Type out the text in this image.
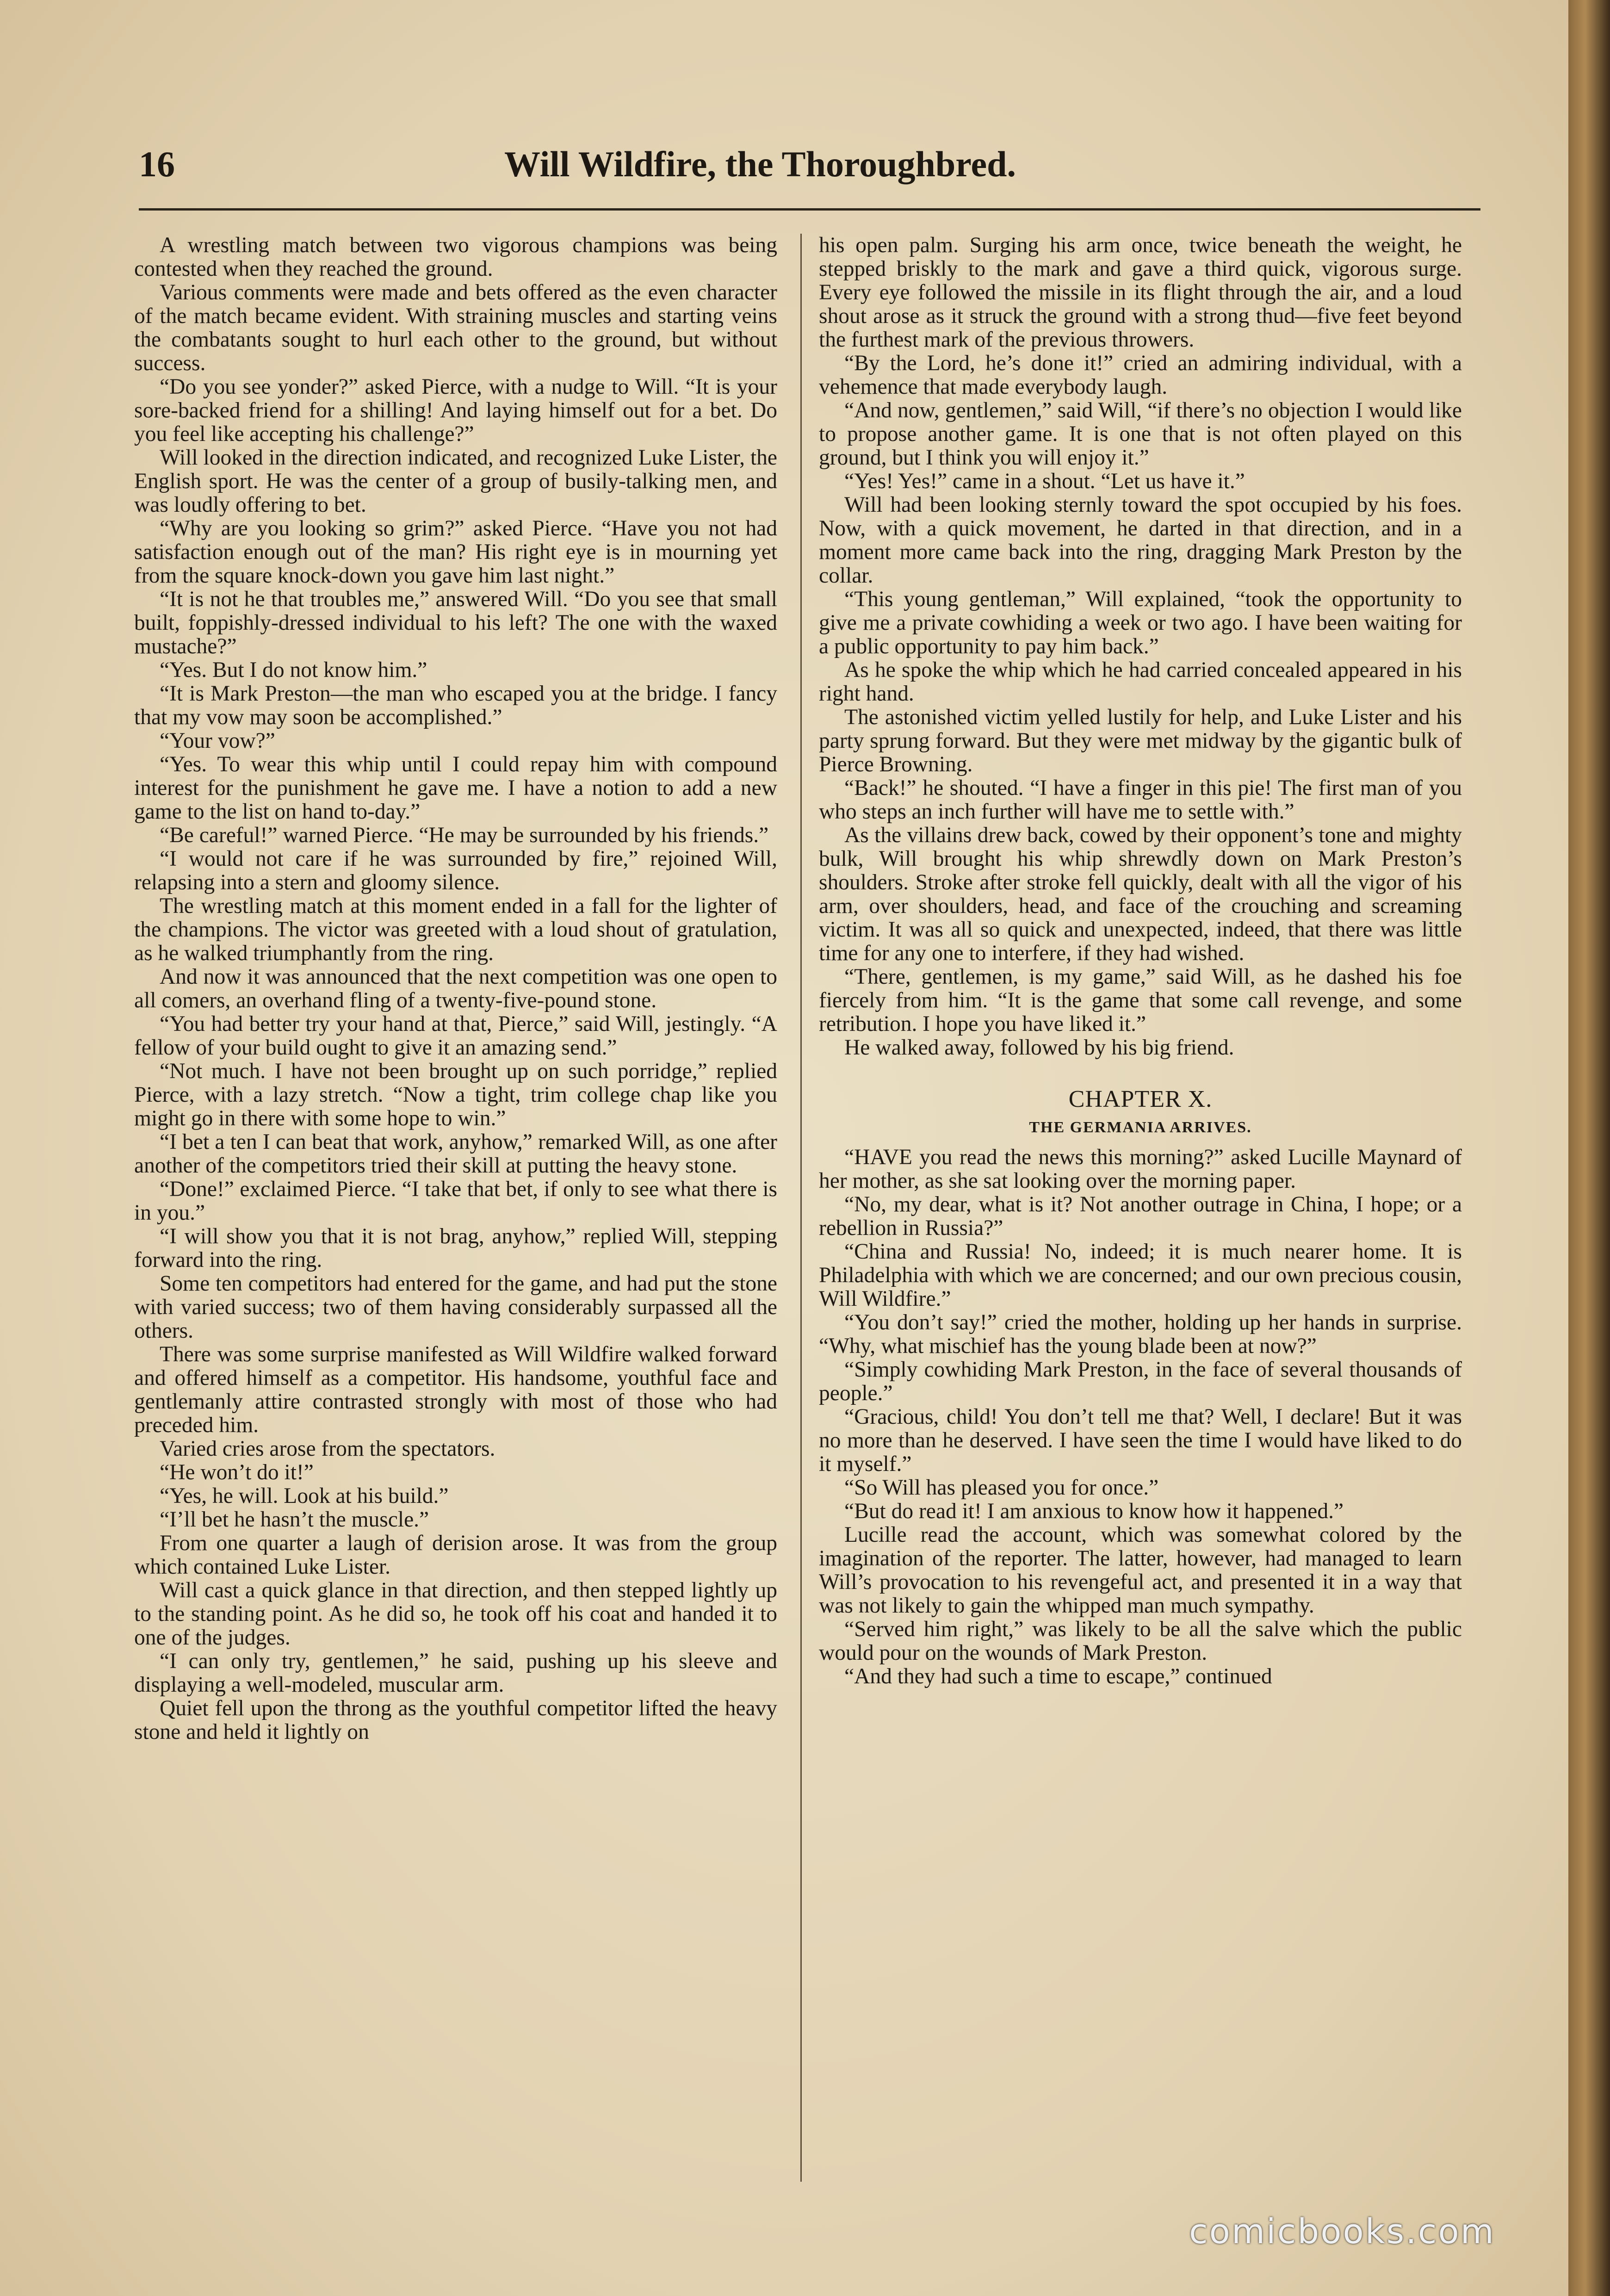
16	Will Wildfire, the Thoroughbred.

A wrestling match between two vigorous champions was being contested when they reached the ground.

Various comments were made and bets offered as the even character of the match became evident. With straining muscles and starting veins the combatants sought to hurl each other to the ground, but without success.

“Do you see yonder?” asked Pierce, with a nudge to Will. “It is your sore-backed friend for a shilling! And laying himself out for a bet. Do you feel like accepting his challenge?”

Will looked in the direction indicated, and recognized Luke Lister, the English sport. He was the center of a group of busily-talking men, and was loudly offering to bet.

“Why are you looking so grim?” asked Pierce. “Have you not had satisfaction enough out of the man? His right eye is in mourning yet from the square knock-down you gave him last night.”

“It is not he that troubles me,” answered Will. “Do you see that small built, foppishly-dressed individual to his left? The one with the waxed mustache?”

“Yes. But I do not know him.”

“It is Mark Preston—the man who escaped you at the bridge. I fancy that my vow may soon be accomplished.”

“Your vow?”

“Yes. To wear this whip until I could repay him with compound interest for the punishment he gave me. I have a notion to add a new game to the list on hand to-day.”

“Be careful!” warned Pierce. “He may be surrounded by his friends.”

“I would not care if he was surrounded by fire,” rejoined Will, relapsing into a stern and gloomy silence.

The wrestling match at this moment ended in a fall for the lighter of the champions. The victor was greeted with a loud shout of gratulation, as he walked triumphantly from the ring.

And now it was announced that the next competition was one open to all comers, an overhand fling of a twenty-five-pound stone.

“You had better try your hand at that, Pierce,” said Will, jestingly. “A fellow of your build ought to give it an amazing send.”

“Not much. I have not been brought up on such porridge,” replied Pierce, with a lazy stretch. “Now a tight, trim college chap like you might go in there with some hope to win.”

“I bet a ten I can beat that work, anyhow,” remarked Will, as one after another of the competitors tried their skill at putting the heavy stone.

“Done!” exclaimed Pierce. “I take that bet, if only to see what there is in you.”

“I will show you that it is not brag, anyhow,” replied Will, stepping forward into the ring.

Some ten competitors had entered for the game, and had put the stone with varied success; two of them having considerably surpassed all the others.

There was some surprise manifested as Will Wildfire walked forward and offered himself as a competitor. His handsome, youthful face and gentlemanly attire contrasted strongly with most of those who had preceded him.

Varied cries arose from the spectators.

“He won’t do it!”

“Yes, he will. Look at his build.”

“I’ll bet he hasn’t the muscle.”

From one quarter a laugh of derision arose. It was from the group which contained Luke Lister.

Will cast a quick glance in that direction, and then stepped lightly up to the standing point. As he did so, he took off his coat and handed it to one of the judges.

“I can only try, gentlemen,” he said, pushing up his sleeve and displaying a well-modeled, muscular arm.

Quiet fell upon the throng as the youthful competitor lifted the heavy stone and held it lightly on

his open palm. Surging his arm once, twice beneath the weight, he stepped briskly to the mark and gave a third quick, vigorous surge. Every eye followed the missile in its flight through the air, and a loud shout arose as it struck the ground with a strong thud—five feet beyond the furthest mark of the previous throwers.

“By the Lord, he’s done it!” cried an admiring individual, with a vehemence that made everybody laugh.

“And now, gentlemen,” said Will, “if there’s no objection I would like to propose another game. It is one that is not often played on this ground, but I think you will enjoy it.”

“Yes! Yes!” came in a shout. “Let us have it.”

Will had been looking sternly toward the spot occupied by his foes. Now, with a quick movement, he darted in that direction, and in a moment more came back into the ring, dragging Mark Preston by the collar.

“This young gentleman,” Will explained, “took the opportunity to give me a private cowhiding a week or two ago. I have been waiting for a public opportunity to pay him back.”

As he spoke the whip which he had carried concealed appeared in his right hand.

The astonished victim yelled lustily for help, and Luke Lister and his party sprung forward. But they were met midway by the gigantic bulk of Pierce Browning.

“Back!” he shouted. “I have a finger in this pie! The first man of you who steps an inch further will have me to settle with.”

As the villains drew back, cowed by their opponent’s tone and mighty bulk, Will brought his whip shrewdly down on Mark Preston’s shoulders. Stroke after stroke fell quickly, dealt with all the vigor of his arm, over shoulders, head, and face of the crouching and screaming victim. It was all so quick and unexpected, indeed, that there was little time for any one to interfere, if they had wished.

“There, gentlemen, is my game,” said Will, as he dashed his foe fiercely from him. “It is the game that some call revenge, and some retribution. I hope you have liked it.”

He walked away, followed by his big friend.

CHAPTER X.
THE GERMANIA ARRIVES.

“HAVE you read the news this morning?” asked Lucille Maynard of her mother, as she sat looking over the morning paper.

“No, my dear, what is it? Not another outrage in China, I hope; or a rebellion in Russia?”

“China and Russia! No, indeed; it is much nearer home. It is Philadelphia with which we are concerned; and our own precious cousin, Will Wildfire.”

“You don’t say!” cried the mother, holding up her hands in surprise. “Why, what mischief has the young blade been at now?”

“Simply cowhiding Mark Preston, in the face of several thousands of people.”

“Gracious, child! You don’t tell me that? Well, I declare! But it was no more than he deserved. I have seen the time I would have liked to do it myself.”

“So Will has pleased you for once.”

“But do read it! I am anxious to know how it happened.”

Lucille read the account, which was somewhat colored by the imagination of the reporter. The latter, however, had managed to learn Will’s provocation to his revengeful act, and presented it in a way that was not likely to gain the whipped man much sympathy.

“Served him right,” was likely to be all the salve which the public would pour on the wounds of Mark Preston.

“And they had such a time to escape,” continued

comicbooks.com
